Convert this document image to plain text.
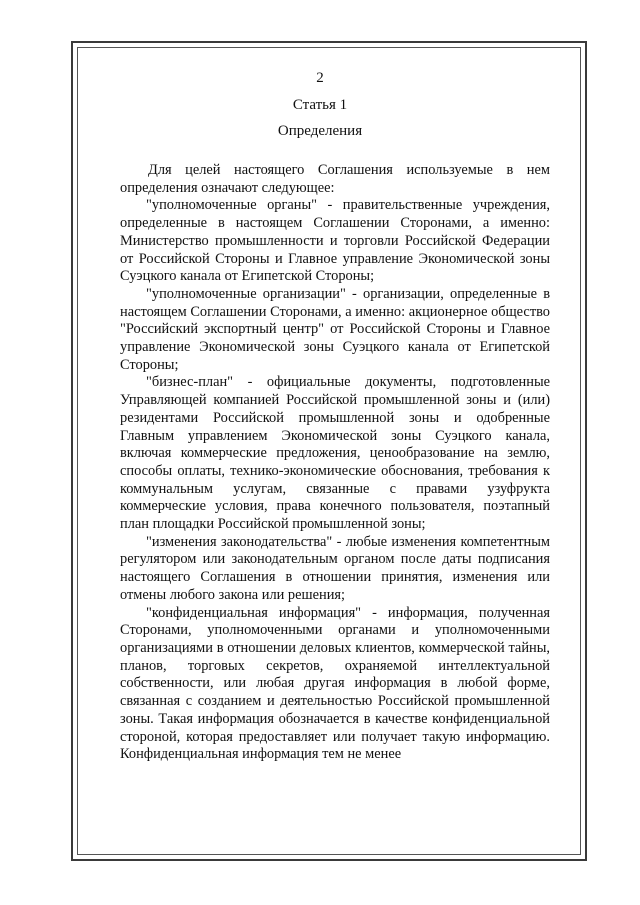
2
Статья 1
Определения

Для целей настоящего Соглашения используемые в нем определения означают следующее:

"уполномоченные органы" - правительственные учреждения, определенные в настоящем Соглашении Сторонами, а именно: Министерство промышленности и торговли Российской Федерации от Российской Стороны и Главное управление Экономической зоны Суэцкого канала от Египетской Стороны;

"уполномоченные организации" - организации, определенные в настоящем Соглашении Сторонами, а именно: акционерное общество "Российский экспортный центр" от Российской Стороны и Главное управление Экономической зоны Суэцкого канала от Египетской Стороны;

"бизнес-план" - официальные документы, подготовленные Управляющей компанией Российской промышленной зоны и (или) резидентами Российской промышленной зоны и одобренные Главным управлением Экономической зоны Суэцкого канала, включая коммерческие предложения, ценообразование на землю, способы оплаты, технико-экономические обоснования, требования к коммунальным услугам, связанные с правами узуфрукта коммерческие условия, права конечного пользователя, поэтапный план площадки Российской промышленной зоны;

"изменения законодательства" - любые изменения компетентным регулятором или законодательным органом после даты подписания настоящего Соглашения в отношении принятия, изменения или отмены любого закона или решения;

"конфиденциальная информация" - информация, полученная Сторонами, уполномоченными органами и уполномоченными организациями в отношении деловых клиентов, коммерческой тайны, планов, торговых секретов, охраняемой интеллектуальной собственности, или любая другая информация в любой форме, связанная с созданием и деятельностью Российской промышленной зоны. Такая информация обозначается в качестве конфиденциальной стороной, которая предоставляет или получает такую информацию. Конфиденциальная информация тем не менее
